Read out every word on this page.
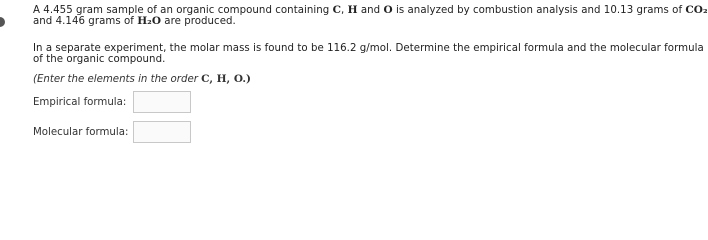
A 4.455 gram sample of an organic compound containing C, H and O is analyzed by combustion analysis and 10.13 grams of CO₂
and 4.146 grams of H₂O are produced.
In a separate experiment, the molar mass is found to be 116.2 g/mol. Determine the empirical formula and the molecular formula
of the organic compound.
(Enter the elements in the order C, H, O.)
Empirical formula:
Molecular formula:
